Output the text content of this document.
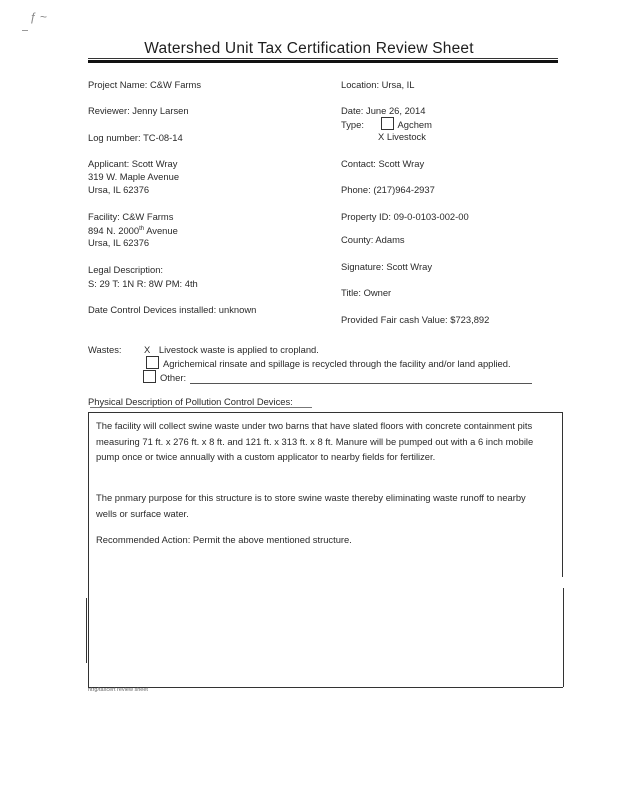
ƒ ~
Watershed Unit Tax Certification Review Sheet
Project Name: C&W Farms
Reviewer: Jenny Larsen
Log number: TC-08-14
Applicant: Scott Wray
319 W. Maple Avenue
Ursa, IL 62376
Facility: C&W Farms
894 N. 2000th Avenue
Ursa, IL 62376
Legal Description:
S: 29 T: 1N R: 8W PM: 4th
Date Control Devices installed: unknown
Location: Ursa, IL
Date: June 26, 2014
Type:	Agchem
X Livestock
Contact: Scott Wray
Phone: (217)964-2937
Property ID: 09-0-0103-002-00
County: Adams
Signature: Scott Wray
Title: Owner
Provided Fair cash Value: $723,892
Wastes: X Livestock waste is applied to cropland.
Agrichemical rinsate and spillage is recycled through the facility and/or land applied.
Other:
Physical Description of Pollution Control Devices:
The facility will collect swine waste under two barns that have slated floors with concrete containment pits measuring 71 ft. x 276 ft. x 8 ft. and 121 ft. x 313 ft. x 8 ft. Manure will be pumped out with a 6 inch mobile pump once or twice annually with a custom applicator to nearby fields for fertilizer.
The pnmary purpose for this structure is to store swine waste thereby eliminating waste runoff to nearby wells or surface water.
Recommended Action: Permit the above mentioned structure.
ntrg/taxcert review sheet
